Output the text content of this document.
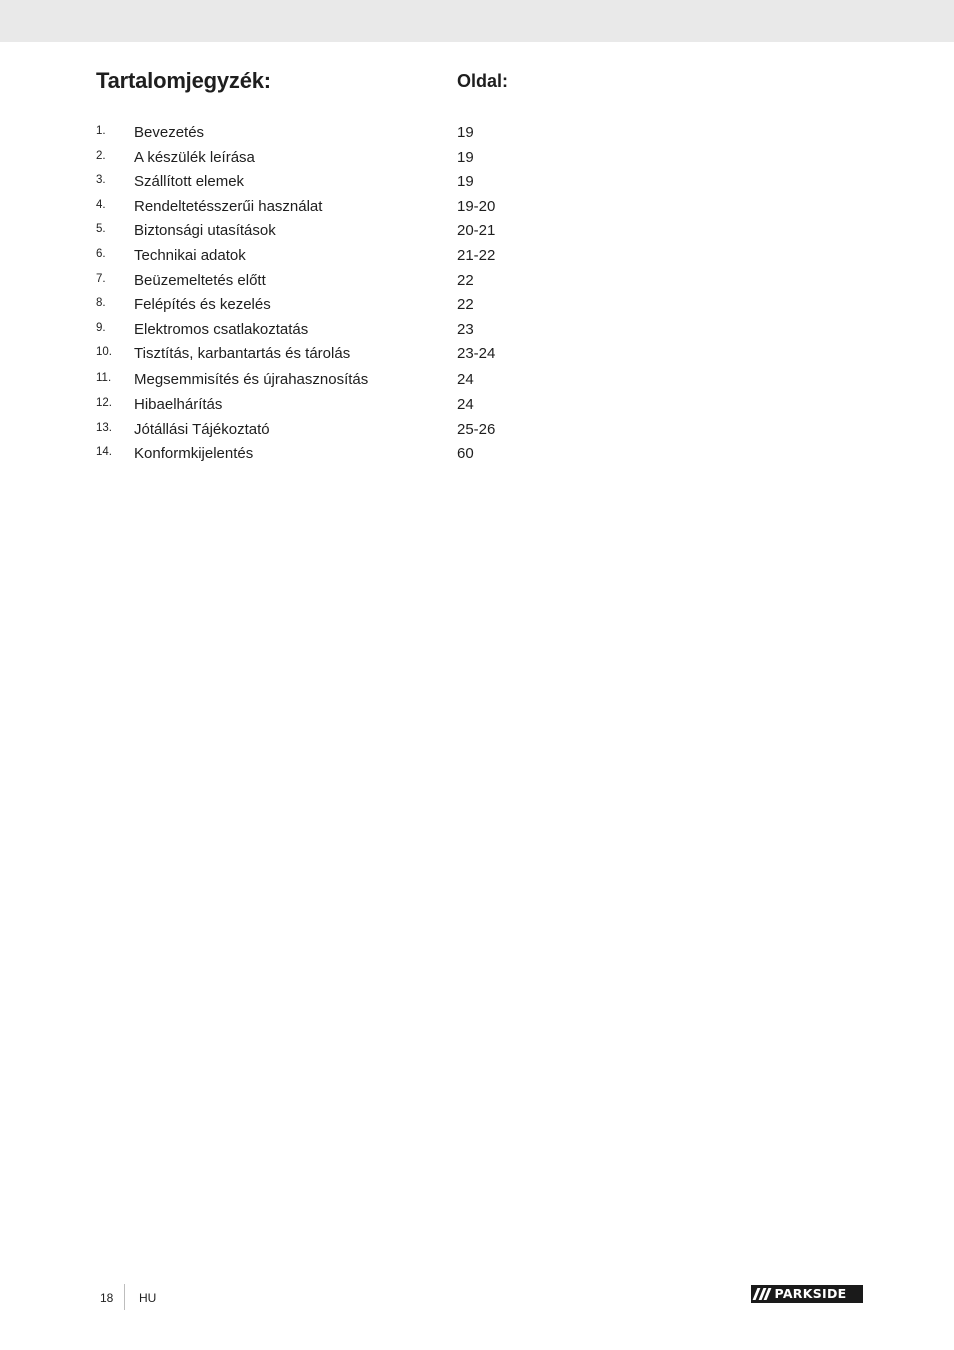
Tartalomjegyzék:	Oldal:
1. Bevezetés	19
2. A készülék leírása	19
3. Szállított elemek	19
4. Rendeltetésszerűi használat	19-20
5. Biztonsági utasítások	20-21
6. Technikai adatok	21-22
7. Beüzemeltetés előtt	22
8. Felépítés és kezelés	22
9. Elektromos csatlakoztatás	23
10. Tisztítás, karbantartás és tárolás	23-24
11. Megsemmisítés és újrahasznosítás	24
12. Hibaelhárítás	24
13. Jótállási Tájékoztató	25-26
14. Konformkijelentés	60
18 HU	PARKSIDE
